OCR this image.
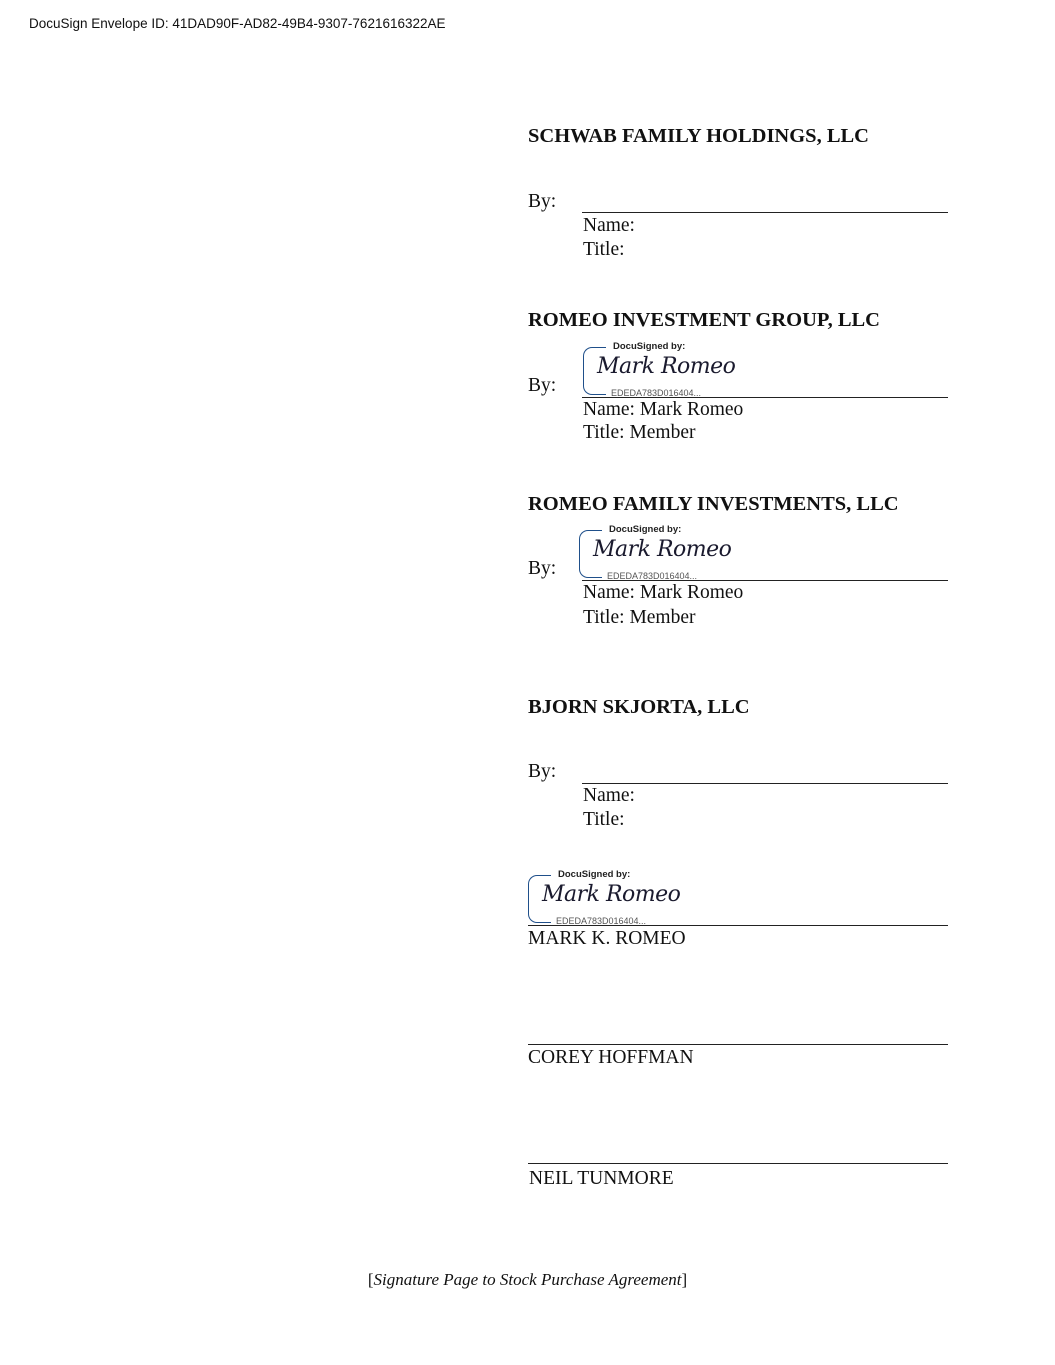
DocuSign Envelope ID: 41DAD90F-AD82-49B4-9307-7621616322AE
SCHWAB FAMILY HOLDINGS, LLC
By:
Name:
Title:
ROMEO INVESTMENT GROUP, LLC
By:
DocuSigned by:
Mark Romeo
EDEDA783D016404...
Name: Mark Romeo
Title: Member
ROMEO FAMILY INVESTMENTS, LLC
By:
DocuSigned by:
Mark Romeo
EDEDA783D016404...
Name: Mark Romeo
Title: Member
BJORN SKJORTA, LLC
By:
Name:
Title:
DocuSigned by:
Mark Romeo
EDEDA783D016404...
MARK K. ROMEO
COREY HOFFMAN
NEIL TUNMORE
[Signature Page to Stock Purchase Agreement]
